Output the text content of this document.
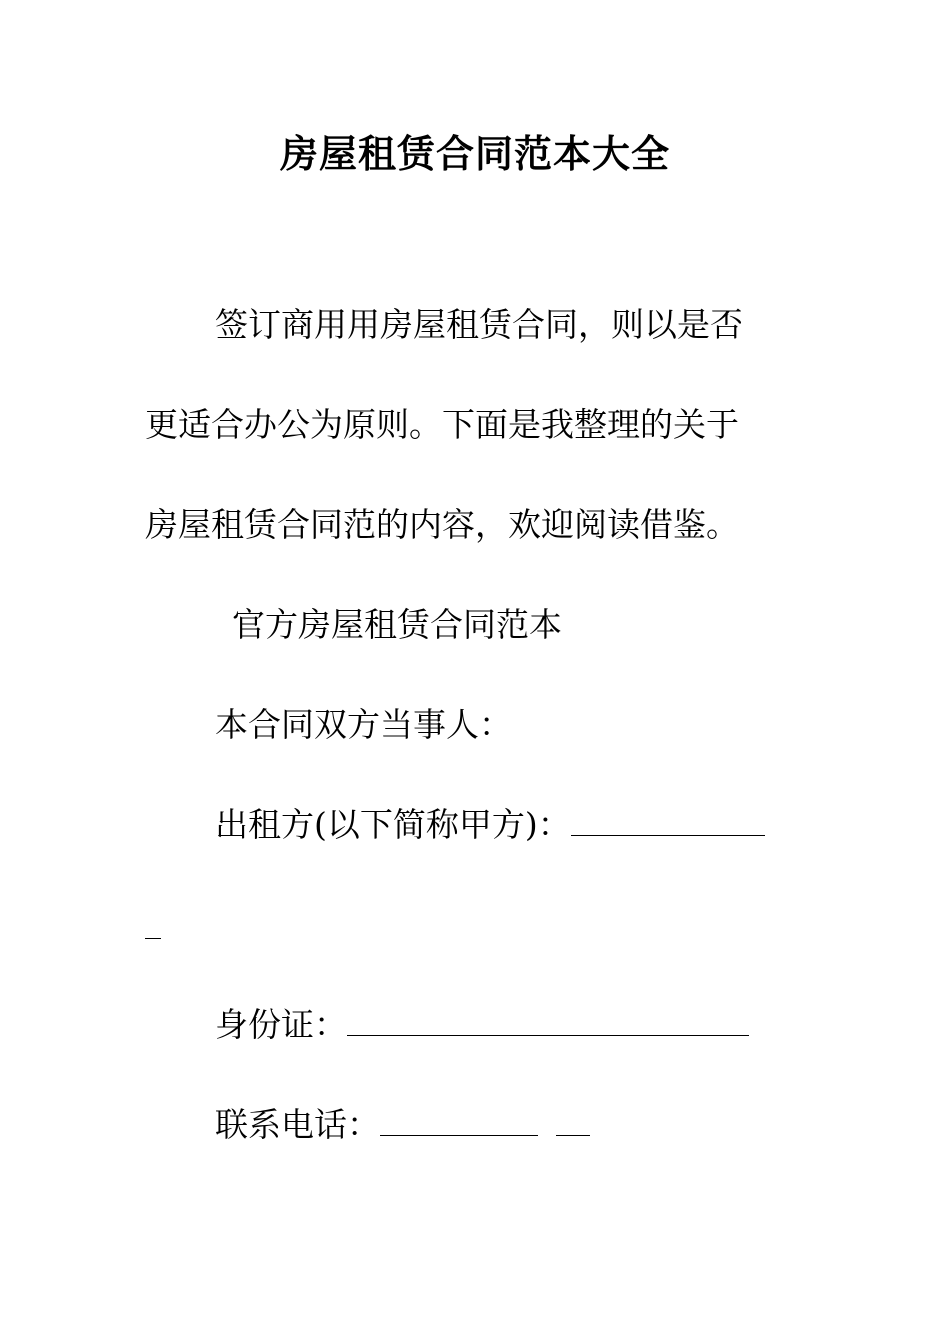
房屋租赁合同范本大全
签订商用用房屋租赁合同，则以是否
更适合办公为原则。下面是我整理的关于
房屋租赁合同范的内容，欢迎阅读借鉴。
官方房屋租赁合同范本
本合同双方当事人：
出租方(以下简称甲方)：
身份证：
联系电话：
